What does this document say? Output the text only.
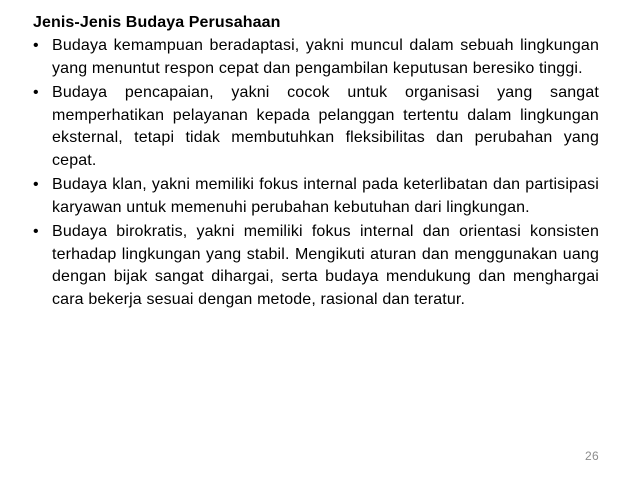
Jenis-Jenis Budaya Perusahaan
• Budaya kemampuan beradaptasi, yakni muncul dalam sebuah lingkungan yang menuntut respon cepat dan pengambilan keputusan beresiko tinggi.
• Budaya pencapaian, yakni cocok untuk organisasi yang sangat memperhatikan pelayanan kepada pelanggan tertentu dalam lingkungan eksternal, tetapi tidak membutuhkan fleksibilitas dan perubahan yang cepat.
• Budaya klan, yakni memiliki fokus internal pada keterlibatan dan partisipasi karyawan untuk memenuhi perubahan kebutuhan dari lingkungan.
• Budaya birokratis, yakni memiliki fokus internal dan orientasi konsisten terhadap lingkungan yang stabil. Mengikuti aturan dan menggunakan uang dengan bijak sangat dihargai, serta budaya mendukung dan menghargai cara bekerja sesuai dengan metode, rasional dan teratur.
26
